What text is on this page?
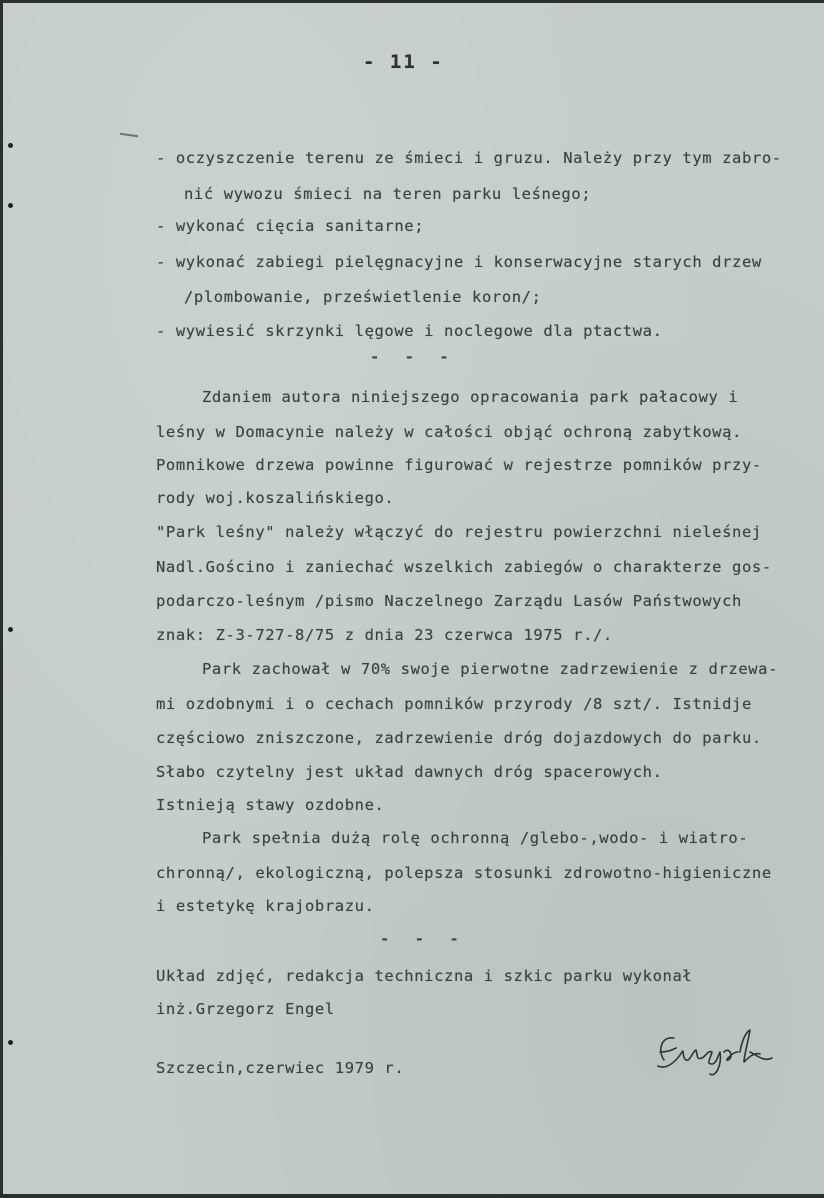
- 11 -
- oczyszczenie terenu ze śmieci i gruzu. Należy przy tym zabro-
nić wywozu śmieci na teren parku leśnego;
- wykonać cięcia sanitarne;
- wykonać zabiegi pielęgnacyjne i konserwacyjne starych drzew
/plombowanie, prześwietlenie koron/;
- wywiesić skrzynki lęgowe i noclegowe dla ptactwa.
- - -
Zdaniem autora niniejszego opracowania park pałacowy i
leśny w Domacynie należy w całości objąć ochroną zabytkową.
Pomnikowe drzewa powinne figurować w rejestrze pomników przy-
rody woj.koszalińskiego.
"Park leśny" należy włączyć do rejestru powierzchni nieleśnej
Nadl.Gościno i zaniechać wszelkich zabiegów o charakterze gos-
podarczo-leśnym /pismo Naczelnego Zarządu Lasów Państwowych
znak: Z-3-727-8/75 z dnia 23 czerwca 1975 r./.
Park zachował w 70% swoje pierwotne zadrzewienie z drzewa-
mi ozdobnymi i o cechach pomników przyrody /8 szt/. Istnidje
częściowo zniszczone, zadrzewienie dróg dojazdowych do parku.
Słabo czytelny jest układ dawnych dróg spacerowych.
Istnieją stawy ozdobne.
Park spełnia dużą rolę ochronną /glebo-,wodo- i wiatro-
chronną/, ekologiczną, polepsza stosunki zdrowotno-higieniczne
i estetykę krajobrazu.
- - -
Układ zdjęć, redakcja techniczna i szkic parku wykonał
inż.Grzegorz Engel
Szczecin,czerwiec 1979 r.
